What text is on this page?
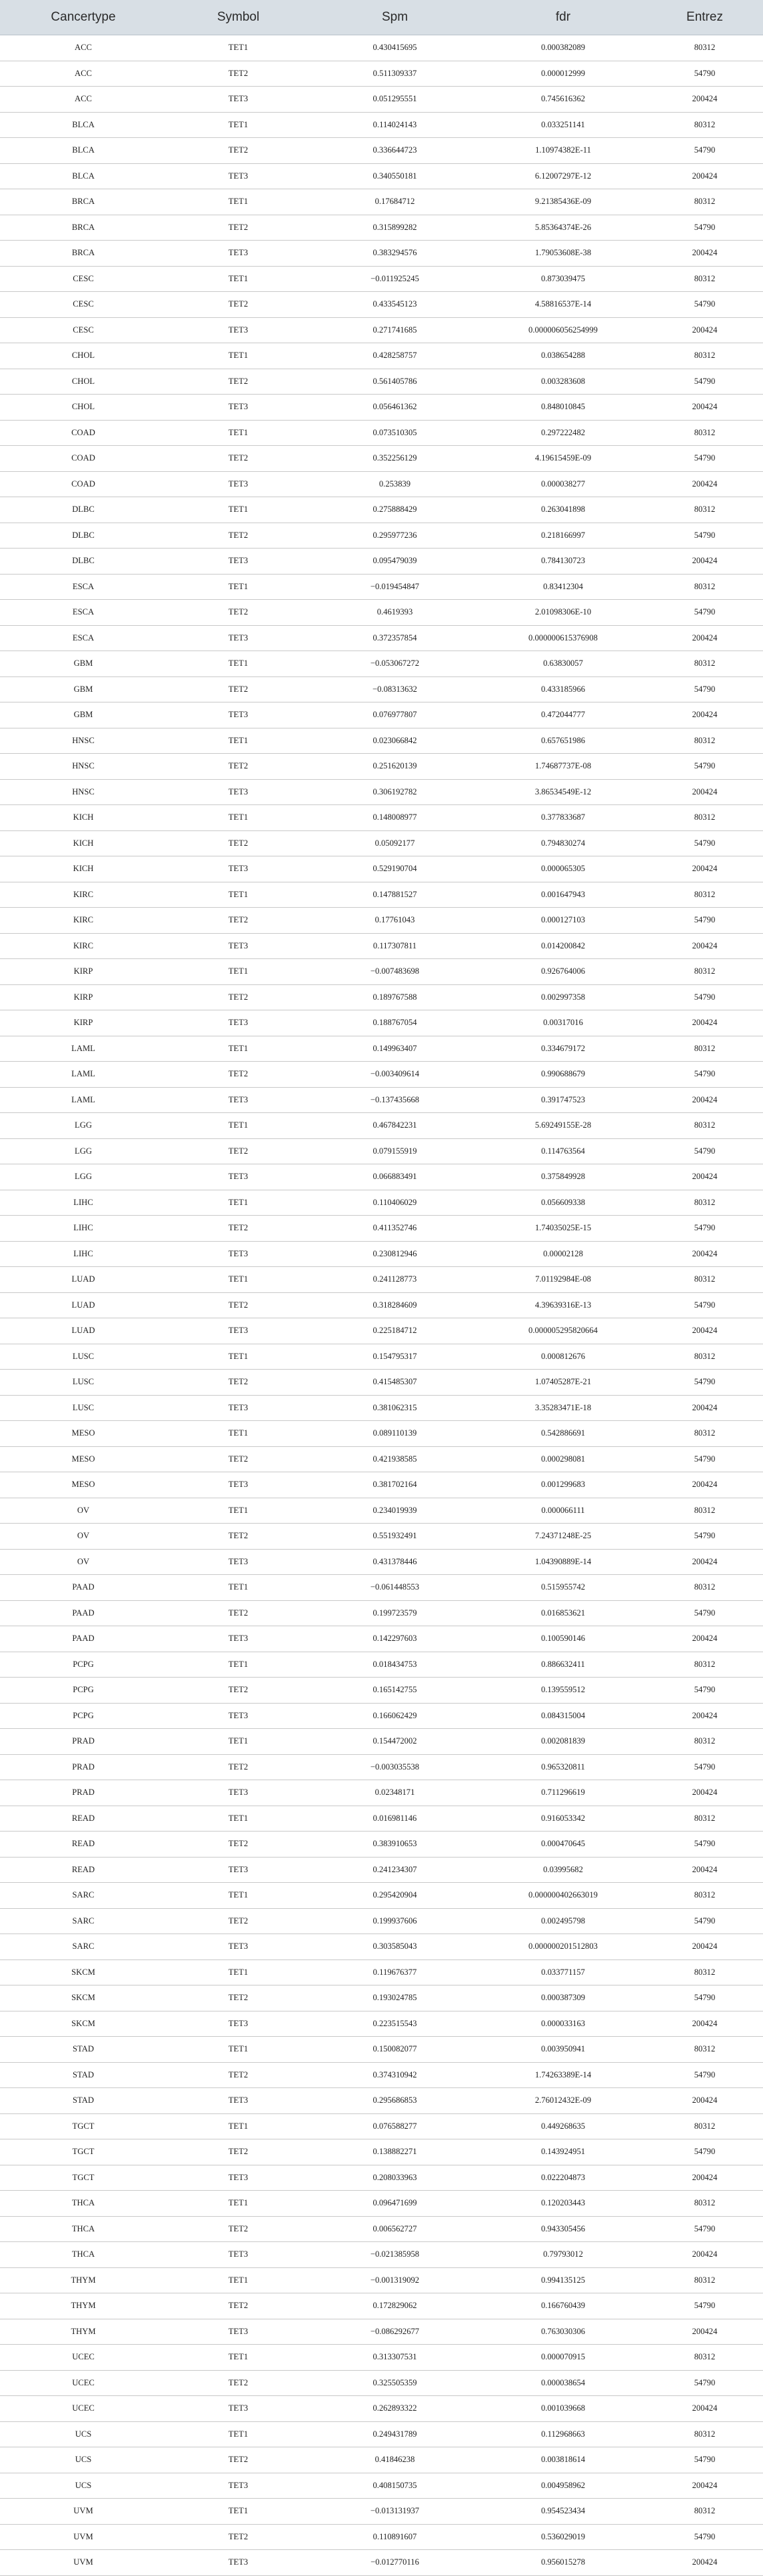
Cancertype	Symbol	Spm	fdr	Entrez
ACC	TET1	0.430415695	0.000382089	80312
ACC	TET2	0.511309337	0.000012999	54790
ACC	TET3	0.051295551	0.745616362	200424
BLCA	TET1	0.114024143	0.033251141	80312
BLCA	TET2	0.336644723	1.10974382E-11	54790
BLCA	TET3	0.340550181	6.12007297E-12	200424
BRCA	TET1	0.17684712	9.21385436E-09	80312
BRCA	TET2	0.315899282	5.85364374E-26	54790
BRCA	TET3	0.383294576	1.79053608E-38	200424
CESC	TET1	−0.011925245	0.873039475	80312
CESC	TET2	0.433545123	4.58816537E-14	54790
CESC	TET3	0.271741685	0.000006056254999	200424
CHOL	TET1	0.428258757	0.038654288	80312
CHOL	TET2	0.561405786	0.003283608	54790
CHOL	TET3	0.056461362	0.848010845	200424
COAD	TET1	0.073510305	0.297222482	80312
COAD	TET2	0.352256129	4.19615459E-09	54790
COAD	TET3	0.253839	0.000038277	200424
DLBC	TET1	0.275888429	0.263041898	80312
DLBC	TET2	0.295977236	0.218166997	54790
DLBC	TET3	0.095479039	0.784130723	200424
ESCA	TET1	−0.019454847	0.83412304	80312
ESCA	TET2	0.4619393	2.01098306E-10	54790
ESCA	TET3	0.372357854	0.000000615376908	200424
GBM	TET1	−0.053067272	0.63830057	80312
GBM	TET2	−0.08313632	0.433185966	54790
GBM	TET3	0.076977807	0.472044777	200424
HNSC	TET1	0.023066842	0.657651986	80312
HNSC	TET2	0.251620139	1.74687737E-08	54790
HNSC	TET3	0.306192782	3.86534549E-12	200424
KICH	TET1	0.148008977	0.377833687	80312
KICH	TET2	0.05092177	0.794830274	54790
KICH	TET3	0.529190704	0.000065305	200424
KIRC	TET1	0.147881527	0.001647943	80312
KIRC	TET2	0.17761043	0.000127103	54790
KIRC	TET3	0.117307811	0.014200842	200424
KIRP	TET1	−0.007483698	0.926764006	80312
KIRP	TET2	0.189767588	0.002997358	54790
KIRP	TET3	0.188767054	0.00317016	200424
LAML	TET1	0.149963407	0.334679172	80312
LAML	TET2	−0.003409614	0.990688679	54790
LAML	TET3	−0.137435668	0.391747523	200424
LGG	TET1	0.467842231	5.69249155E-28	80312
LGG	TET2	0.079155919	0.114763564	54790
LGG	TET3	0.066883491	0.375849928	200424
LIHC	TET1	0.110406029	0.056609338	80312
LIHC	TET2	0.411352746	1.74035025E-15	54790
LIHC	TET3	0.230812946	0.00002128	200424
LUAD	TET1	0.241128773	7.01192984E-08	80312
LUAD	TET2	0.318284609	4.39639316E-13	54790
LUAD	TET3	0.225184712	0.000005295820664	200424
LUSC	TET1	0.154795317	0.000812676	80312
LUSC	TET2	0.415485307	1.07405287E-21	54790
LUSC	TET3	0.381062315	3.35283471E-18	200424
MESO	TET1	0.089110139	0.542886691	80312
MESO	TET2	0.421938585	0.000298081	54790
MESO	TET3	0.381702164	0.001299683	200424
OV	TET1	0.234019939	0.000066111	80312
OV	TET2	0.551932491	7.24371248E-25	54790
OV	TET3	0.431378446	1.04390889E-14	200424
PAAD	TET1	−0.061448553	0.515955742	80312
PAAD	TET2	0.199723579	0.016853621	54790
PAAD	TET3	0.142297603	0.100590146	200424
PCPG	TET1	0.018434753	0.886632411	80312
PCPG	TET2	0.165142755	0.139559512	54790
PCPG	TET3	0.166062429	0.084315004	200424
PRAD	TET1	0.154472002	0.002081839	80312
PRAD	TET2	−0.003035538	0.965320811	54790
PRAD	TET3	0.02348171	0.711296619	200424
READ	TET1	0.016981146	0.916053342	80312
READ	TET2	0.383910653	0.000470645	54790
READ	TET3	0.241234307	0.03995682	200424
SARC	TET1	0.295420904	0.000000402663019	80312
SARC	TET2	0.199937606	0.002495798	54790
SARC	TET3	0.303585043	0.000000201512803	200424
SKCM	TET1	0.119676377	0.033771157	80312
SKCM	TET2	0.193024785	0.000387309	54790
SKCM	TET3	0.223515543	0.000033163	200424
STAD	TET1	0.150082077	0.003950941	80312
STAD	TET2	0.374310942	1.74263389E-14	54790
STAD	TET3	0.295686853	2.76012432E-09	200424
TGCT	TET1	0.076588277	0.449268635	80312
TGCT	TET2	0.138882271	0.143924951	54790
TGCT	TET3	0.208033963	0.022204873	200424
THCA	TET1	0.096471699	0.120203443	80312
THCA	TET2	0.006562727	0.943305456	54790
THCA	TET3	−0.021385958	0.79793012	200424
THYM	TET1	−0.001319092	0.994135125	80312
THYM	TET2	0.172829062	0.166760439	54790
THYM	TET3	−0.086292677	0.763030306	200424
UCEC	TET1	0.313307531	0.000070915	80312
UCEC	TET2	0.325505359	0.000038654	54790
UCEC	TET3	0.262893322	0.001039668	200424
UCS	TET1	0.249431789	0.112968663	80312
UCS	TET2	0.41846238	0.003818614	54790
UCS	TET3	0.408150735	0.004958962	200424
UVM	TET1	−0.013131937	0.954523434	80312
UVM	TET2	0.110891607	0.536029019	54790
UVM	TET3	−0.012770116	0.956015278	200424
